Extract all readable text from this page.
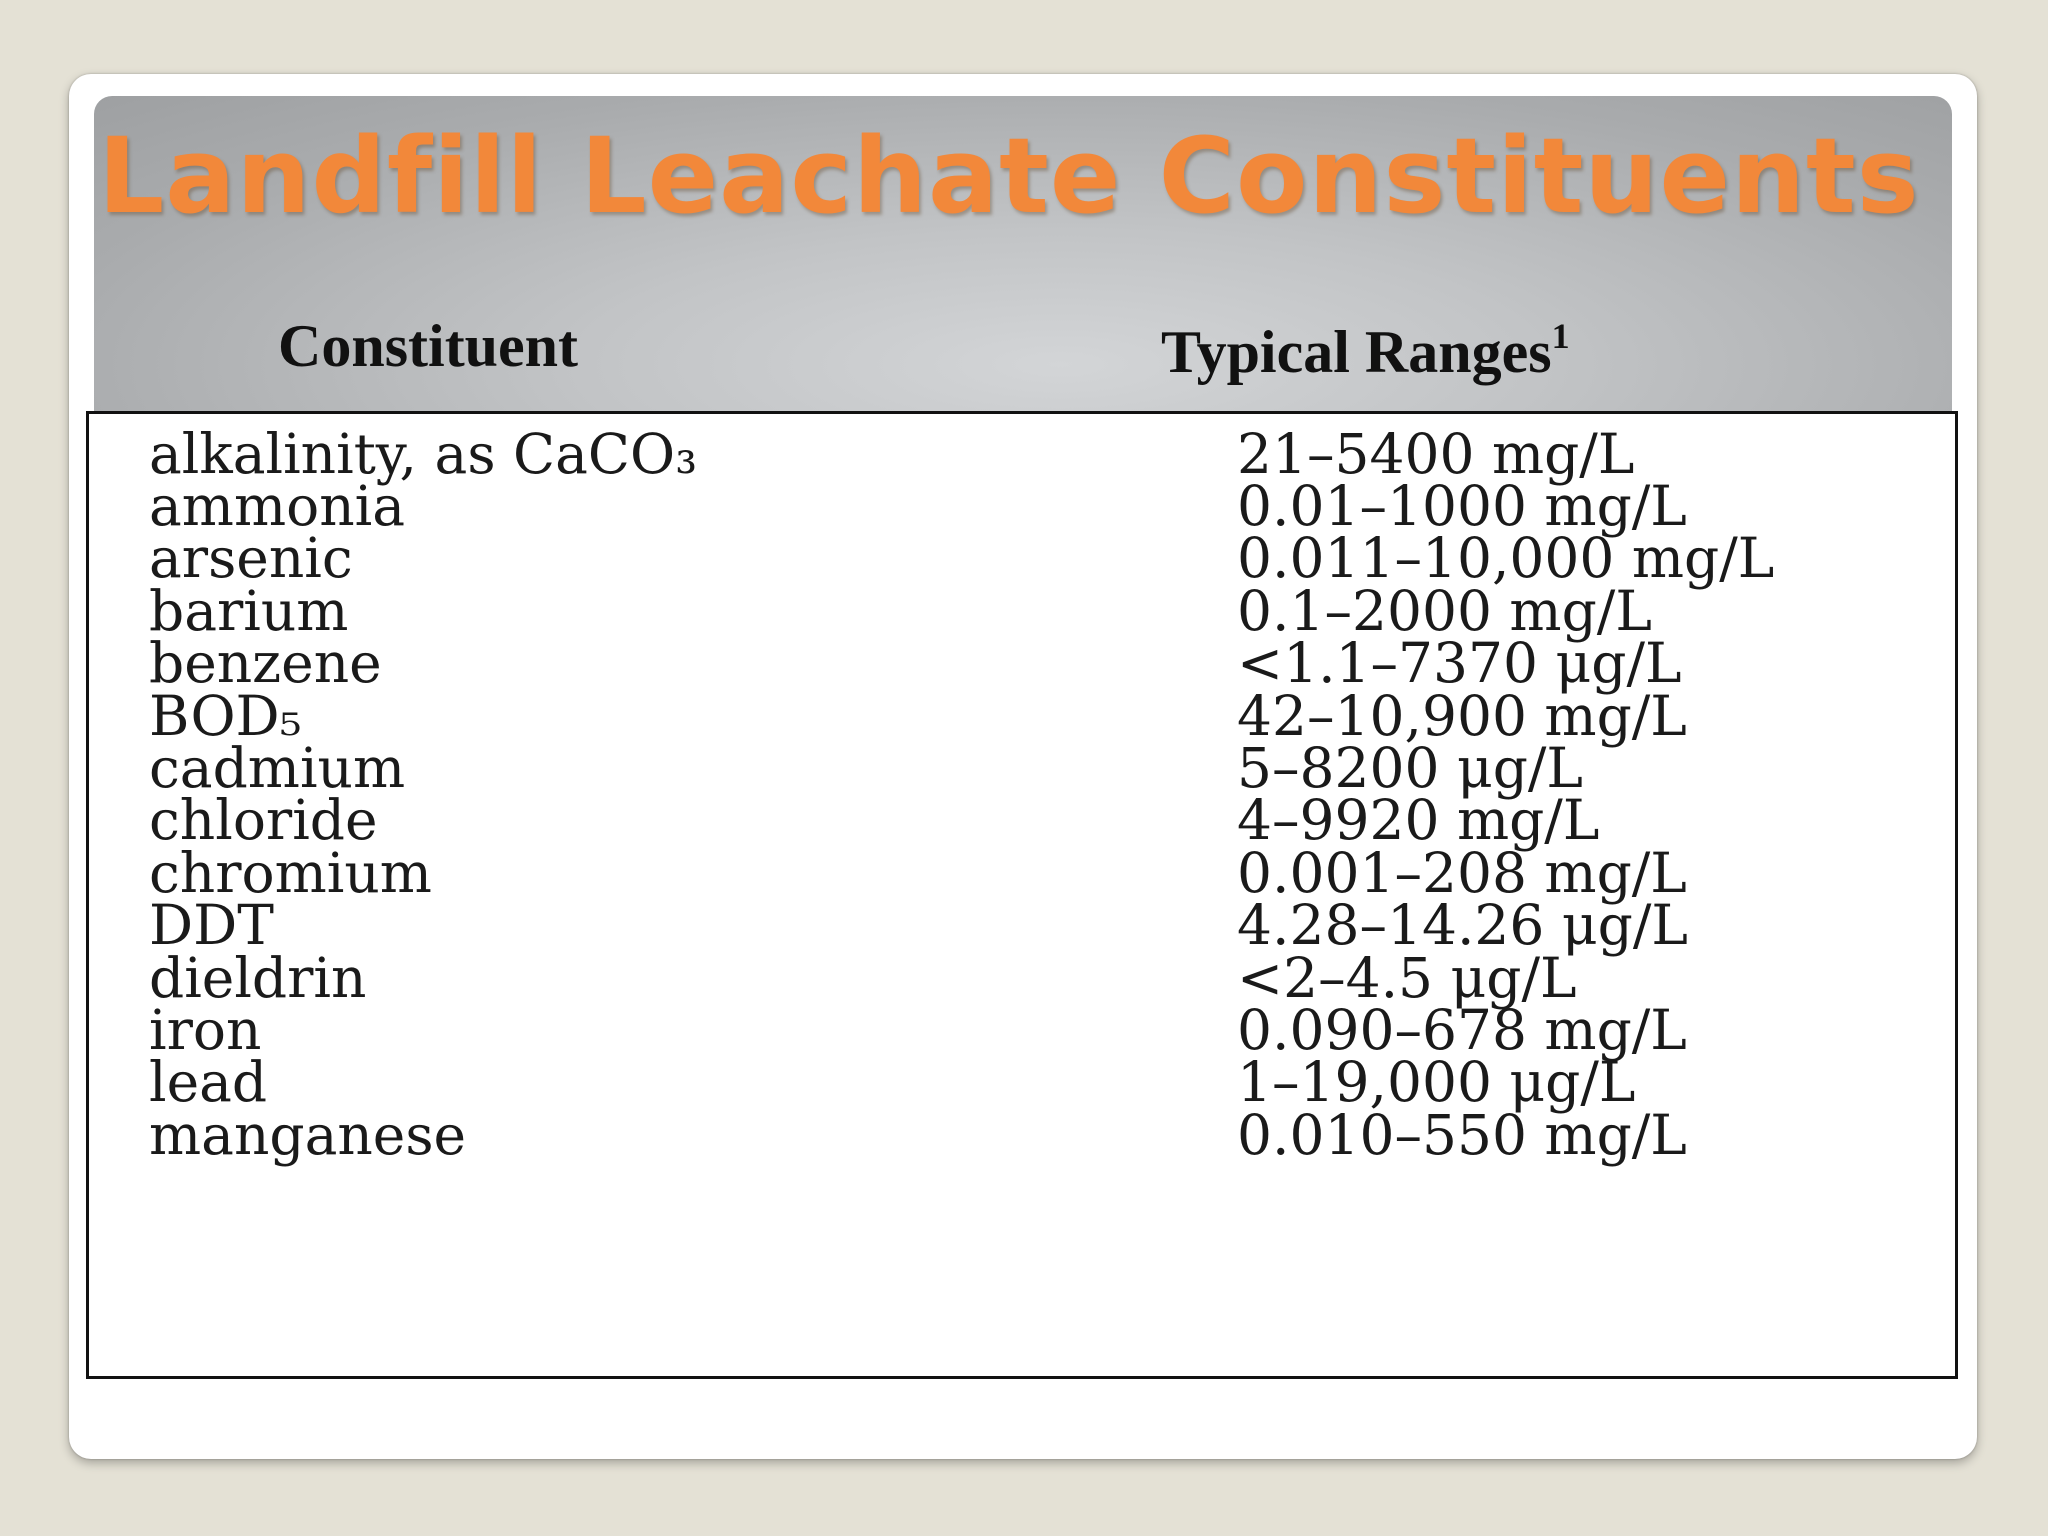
Landfill Leachate Constituents
Constituent	Typical Ranges$^1$
alkalinity, as CaCO₃	21–5400 mg/L
ammonia	0.01–1000 mg/L
arsenic	0.011–10,000 mg/L
barium	0.1–2000 mg/L
benzene	<1.1–7370 μg/L
BOD₅	42–10,900 mg/L
cadmium	5–8200 μg/L
chloride	4–9920 mg/L
chromium	0.001–208 mg/L
DDT	4.28–14.26 μg/L
dieldrin	<2–4.5 μg/L
iron	0.090–678 mg/L
lead	1–19,000 μg/L
manganese	0.010–550 mg/L
